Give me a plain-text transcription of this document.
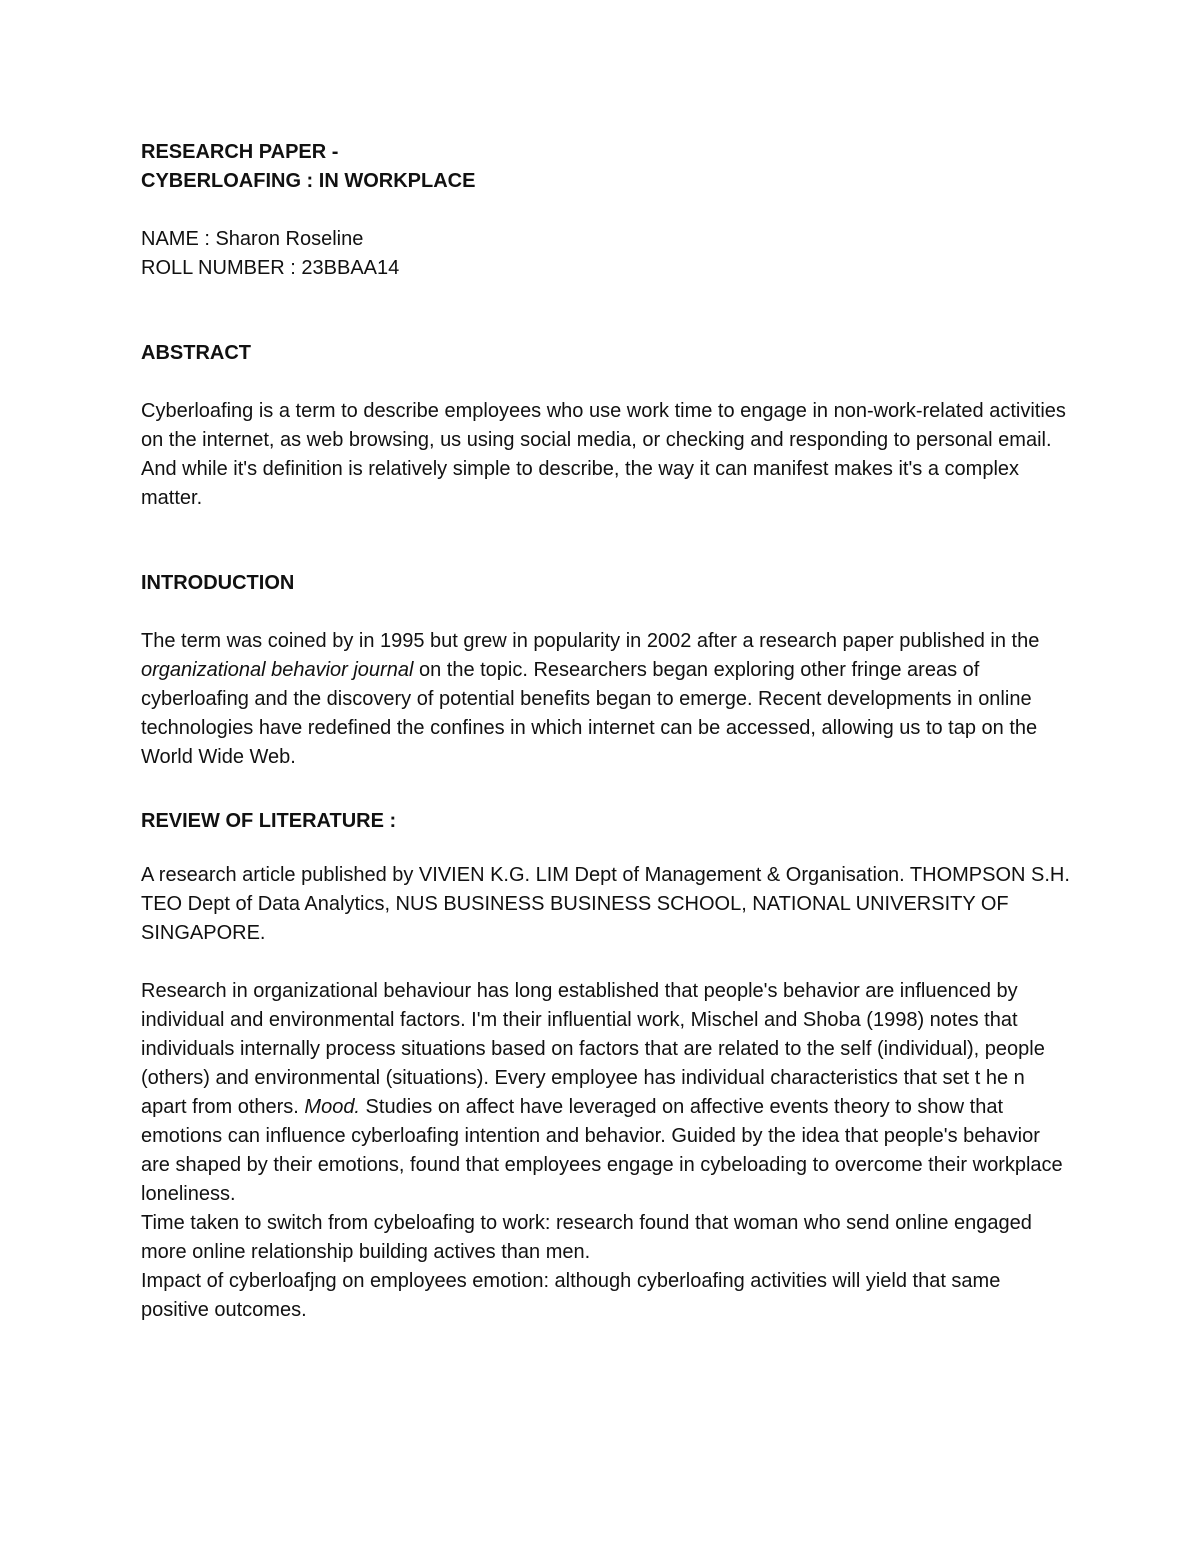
RESEARCH PAPER -

CYBERLOAFING : IN WORKPLACE

NAME : Sharon Roseline

ROLL NUMBER : 23BBAA14

ABSTRACT

Cyberloafing is a term to describe employees who use work time to engage in non-work-related activities on the internet, as web browsing, us using social media, or checking and responding to personal email. And while it's definition is relatively simple to describe, the way it can manifest makes it's a complex matter.

INTRODUCTION

The term was coined by in 1995 but grew in popularity in 2002 after a research paper published in the organizational behavior journal on the topic. Researchers began exploring other fringe areas of cyberloafing and the discovery of potential benefits began to emerge. Recent developments in online technologies have redefined the confines in which internet can be accessed, allowing us to tap on the World Wide Web.

REVIEW OF LITERATURE :

A research article published by VIVIEN K.G. LIM Dept of Management & Organisation. THOMPSON S.H. TEO Dept of Data Analytics, NUS BUSINESS BUSINESS SCHOOL, NATIONAL UNIVERSITY OF SINGAPORE.

Research in organizational behaviour has long established that people's behavior are influenced by individual and environmental factors. I'm their influential work, Mischel and Shoba (1998) notes that individuals internally process situations based on factors that are related to the self (individual), people (others) and environmental (situations). Every employee has individual characteristics that set t he n apart from others. Mood. Studies on affect have leveraged on affective events theory to show that emotions can influence cyberloafing intention and behavior. Guided by the idea that people's behavior are shaped by their emotions, found that employees engage in cybeloading to overcome their workplace loneliness.

Time taken to switch from cybeloafing to work: research found that woman who send online engaged more online relationship building actives than men.

Impact of cyberloafjng on employees emotion: although cyberloafing activities will yield that same positive outcomes.
